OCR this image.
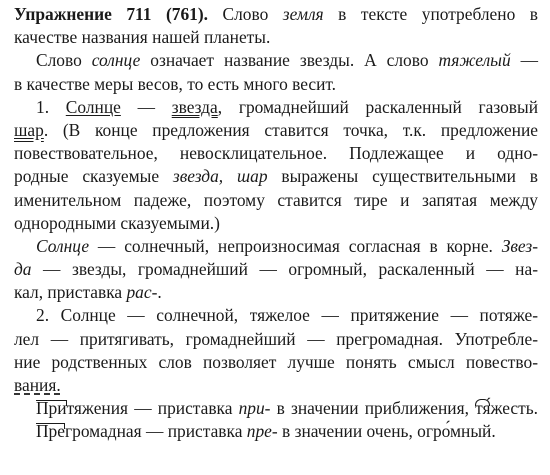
Упражнение 711 (761). Слово земля в тексте употреблено в
качестве названия нашей планеты.
Слово солнце означает название звезды. А слово тяжелый —
в качестве меры весов, то есть много весит.
1. Солнце — звезда, громаднейший раскаленный газовый
шар. (В конце предложения ставится точка, т.к. предложение
повествовательное, невосклицательное. Подлежащее и одно-
родные сказуемые звезда, шар выражены существительными в
именительном падеже, поэтому ставится тире и запятая между
однородными сказуемыми.)
Солнце — солнечный, непроизносимая согласная в корне. Звез-
да — звезды, громаднейший — огромный, раскаленный — на-
кал, приставка рас-.
2. Солнце — солнечной, тяжелое — притяжение — потяже-
лел — притягивать, громаднейший — прегромадная. Употребле-
ние родственных слов позволяет лучше понять смысл повество-
вания.
Притяжения — приставка при- в значении приближения, тяжесть.
Прегромадная — приставка пре- в значении очень, огро́мный.
